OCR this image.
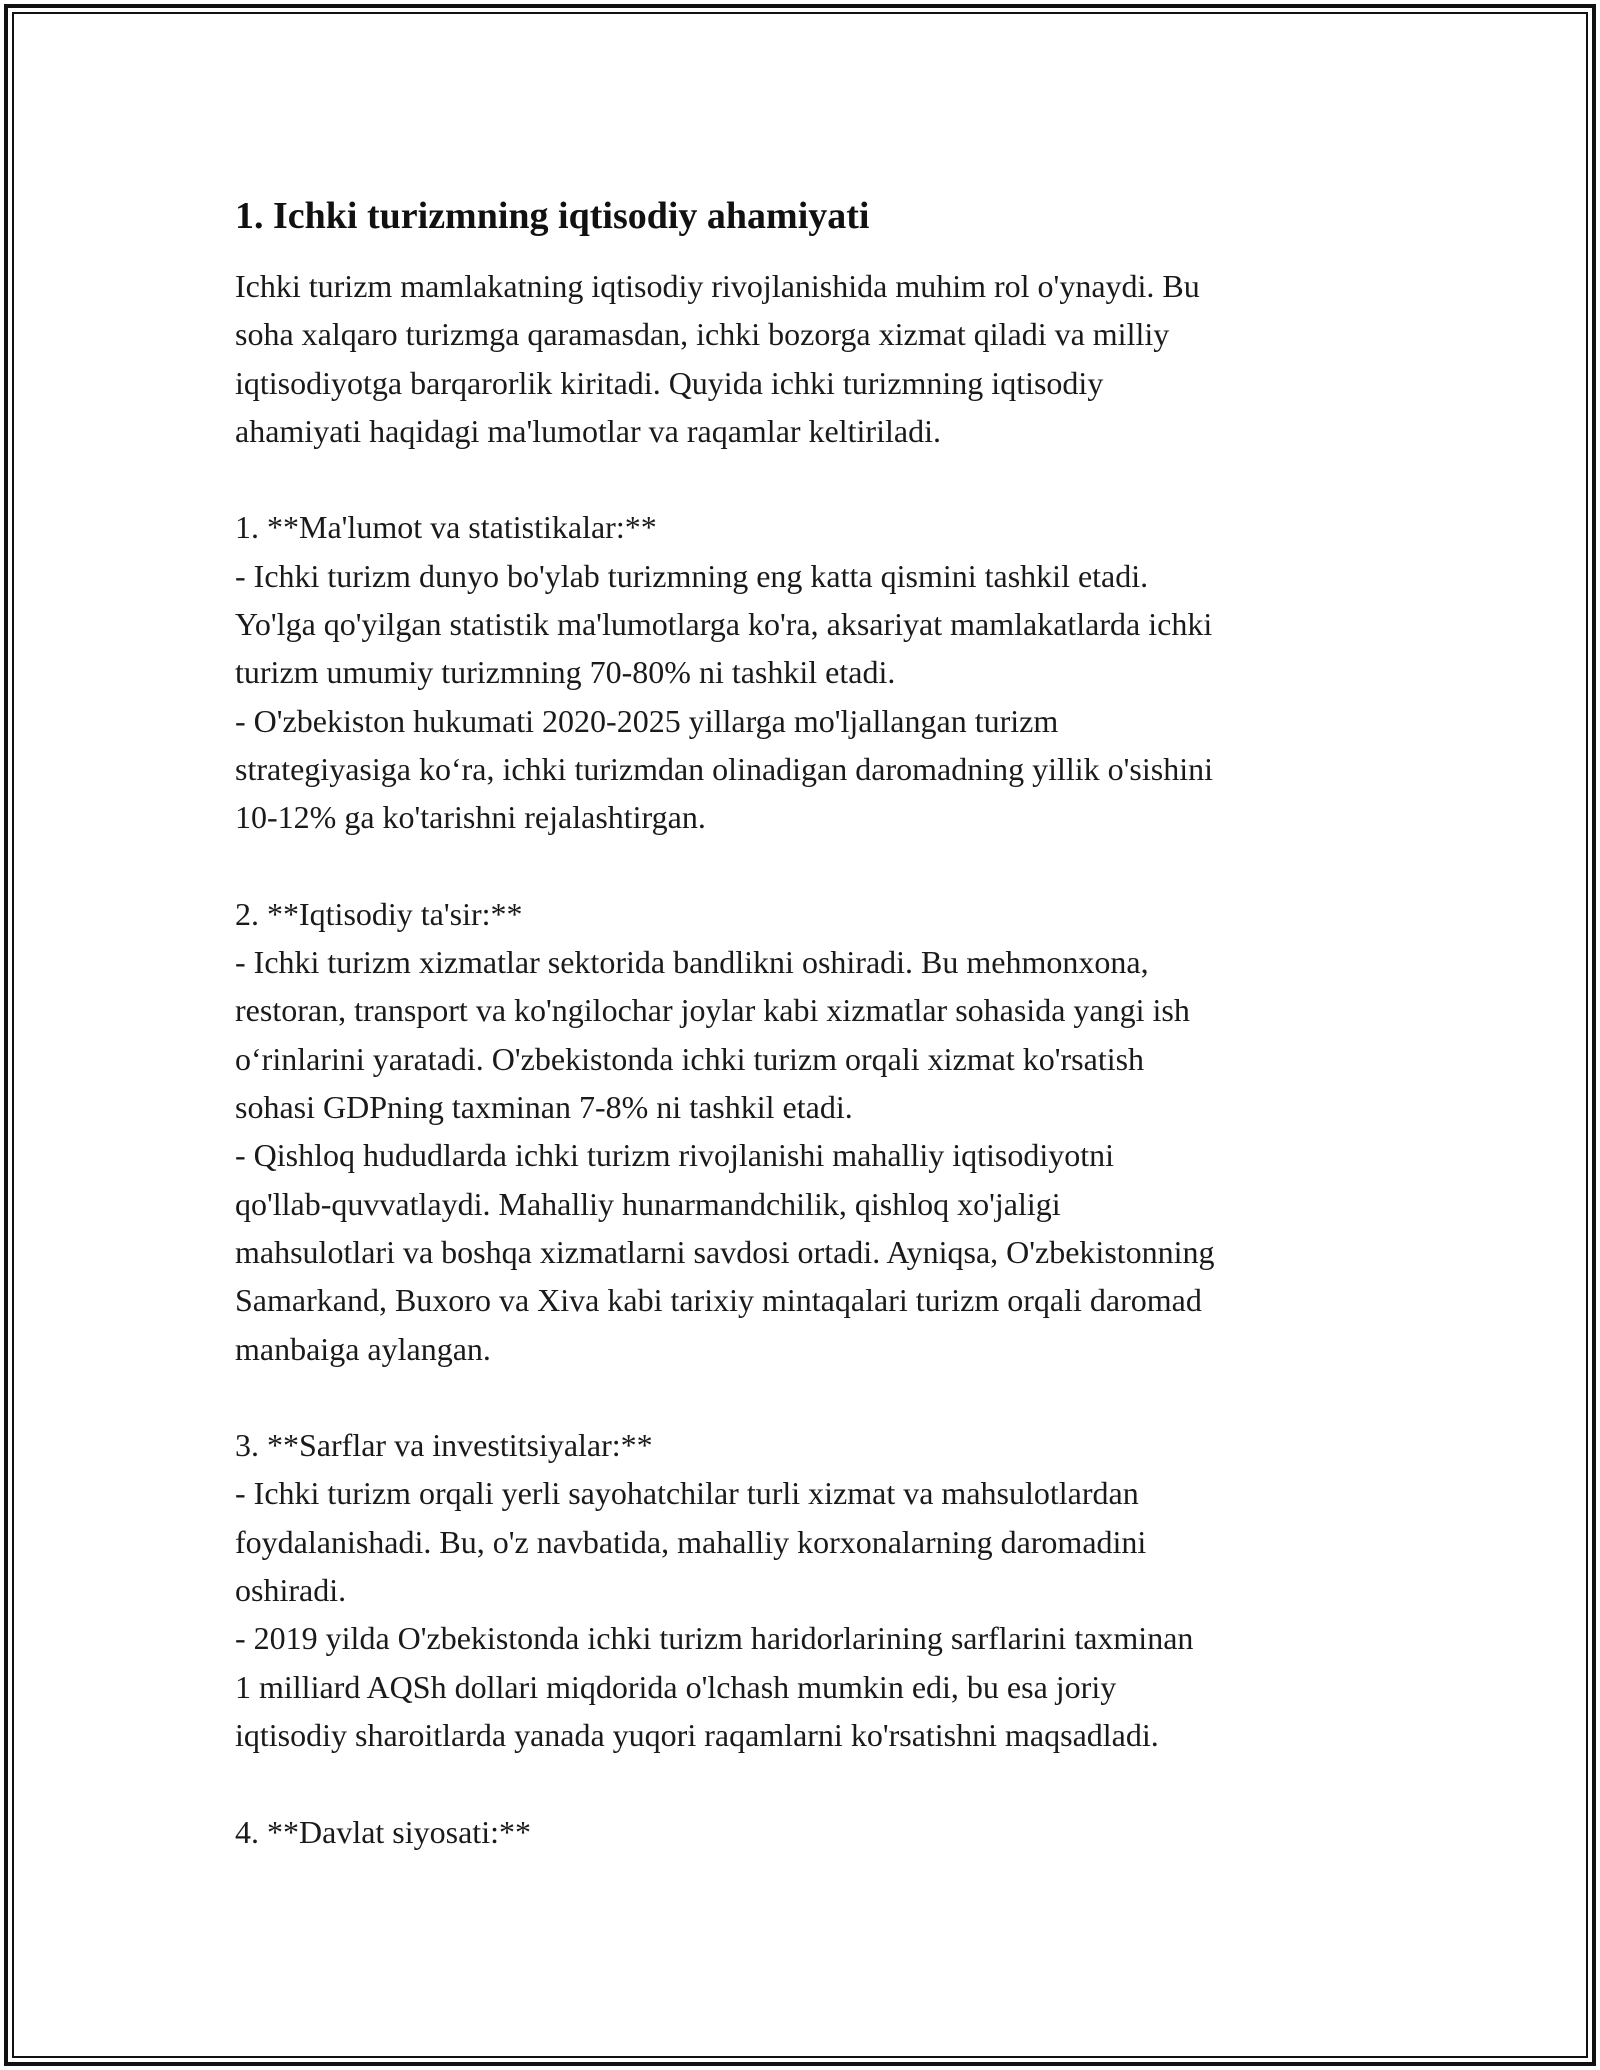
1. Ichki turizmning iqtisodiy ahamiyati

Ichki turizm mamlakatning iqtisodiy rivojlanishida muhim rol o'ynaydi. Bu
soha xalqaro turizmga qaramasdan, ichki bozorga xizmat qiladi va milliy
iqtisodiyotga barqarorlik kiritadi. Quyida ichki turizmning iqtisodiy
ahamiyati haqidagi ma'lumotlar va raqamlar keltiriladi.

1. **Ma'lumot va statistikalar:**

- Ichki turizm dunyo bo'ylab turizmning eng katta qismini tashkil etadi.
Yo'lga qo'yilgan statistik ma'lumotlarga ko'ra, aksariyat mamlakatlarda ichki
turizm umumiy turizmning 70-80% ni tashkil etadi.

- O'zbekiston hukumati 2020-2025 yillarga mo'ljallangan turizm
strategiyasiga ko‘ra, ichki turizmdan olinadigan daromadning yillik o'sishini
10-12% ga ko'tarishni rejalashtirgan.

2. **Iqtisodiy ta'sir:**

- Ichki turizm xizmatlar sektorida bandlikni oshiradi. Bu mehmonxona,
restoran, transport va ko'ngilochar joylar kabi xizmatlar sohasida yangi ish
o‘rinlarini yaratadi. O'zbekistonda ichki turizm orqali xizmat ko'rsatish
sohasi GDPning taxminan 7-8% ni tashkil etadi.

- Qishloq hududlarda ichki turizm rivojlanishi mahalliy iqtisodiyotni
qo'llab-quvvatlaydi. Mahalliy hunarmandchilik, qishloq xo'jaligi
mahsulotlari va boshqa xizmatlarni savdosi ortadi. Ayniqsa, O'zbekistonning
Samarkand, Buxoro va Xiva kabi tarixiy mintaqalari turizm orqali daromad
manbaiga aylangan.

3. **Sarflar va investitsiyalar:**

- Ichki turizm orqali yerli sayohatchilar turli xizmat va mahsulotlardan
foydalanishadi. Bu, o'z navbatida, mahalliy korxonalarning daromadini
oshiradi.

- 2019 yilda O'zbekistonda ichki turizm haridorlarining sarflarini taxminan
1 milliard AQSh dollari miqdorida o'lchash mumkin edi, bu esa joriy
iqtisodiy sharoitlarda yanada yuqori raqamlarni ko'rsatishni maqsadladi.

4. **Davlat siyosati:**
